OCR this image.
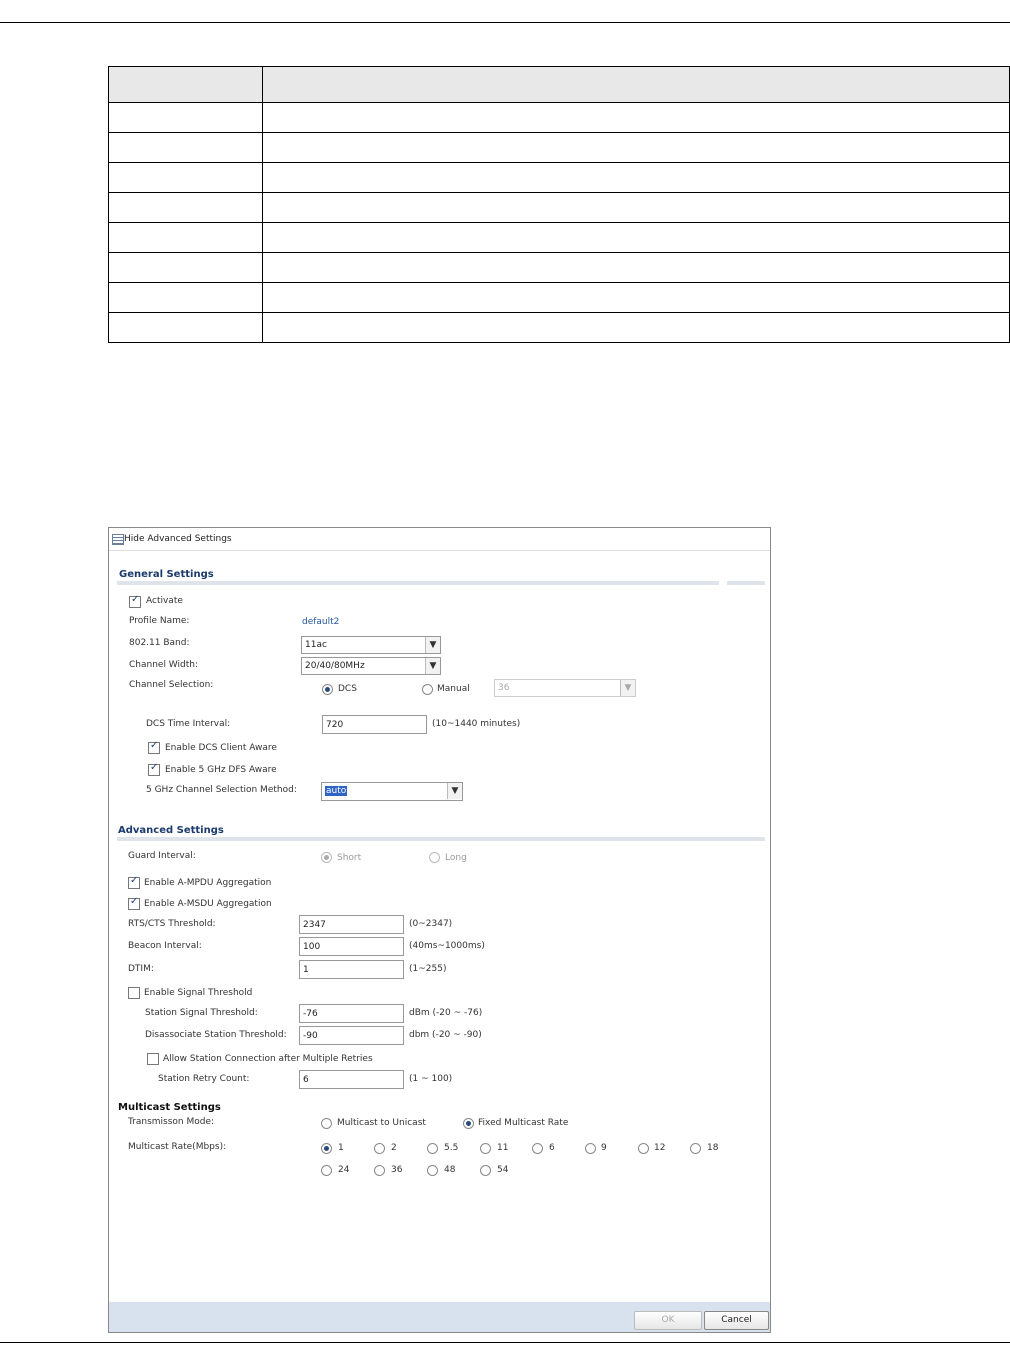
Hide Advanced Settings
General Settings
✓
Activate
Profile Name:	default2
802.11 Band:	11ac	▼
Channel Width:	20/40/80MHz	▼
Channel Selection:	DCS	Manual	36	▼
DCS Time Interval:	720	(10~1440 minutes)
✓
Enable DCS Client Aware
✓
Enable 5 GHz DFS Aware
5 GHz Channel Selection Method:	auto	▼
Advanced Settings
Guard Interval:	Short	Long
✓
Enable A-MPDU Aggregation
✓
Enable A-MSDU Aggregation
RTS/CTS Threshold:	2347	(0~2347)
Beacon Interval:	100	(40ms~1000ms)
DTIM:	1	(1~255)
Enable Signal Threshold
Station Signal Threshold:	-76	dBm (-20 ~ -76)
Disassociate Station Threshold: -90	dbm (-20 ~ -90)
Allow Station Connection after Multiple Retries
Station Retry Count:	6	(1 ~ 100)
Multicast Settings
Transmisson Mode:	Multicast to Unicast	Fixed Multicast Rate
Multicast Rate(Mbps):	1	2	5.5	11	6	9	12	18
24	36	48	54
OK	Cancel
